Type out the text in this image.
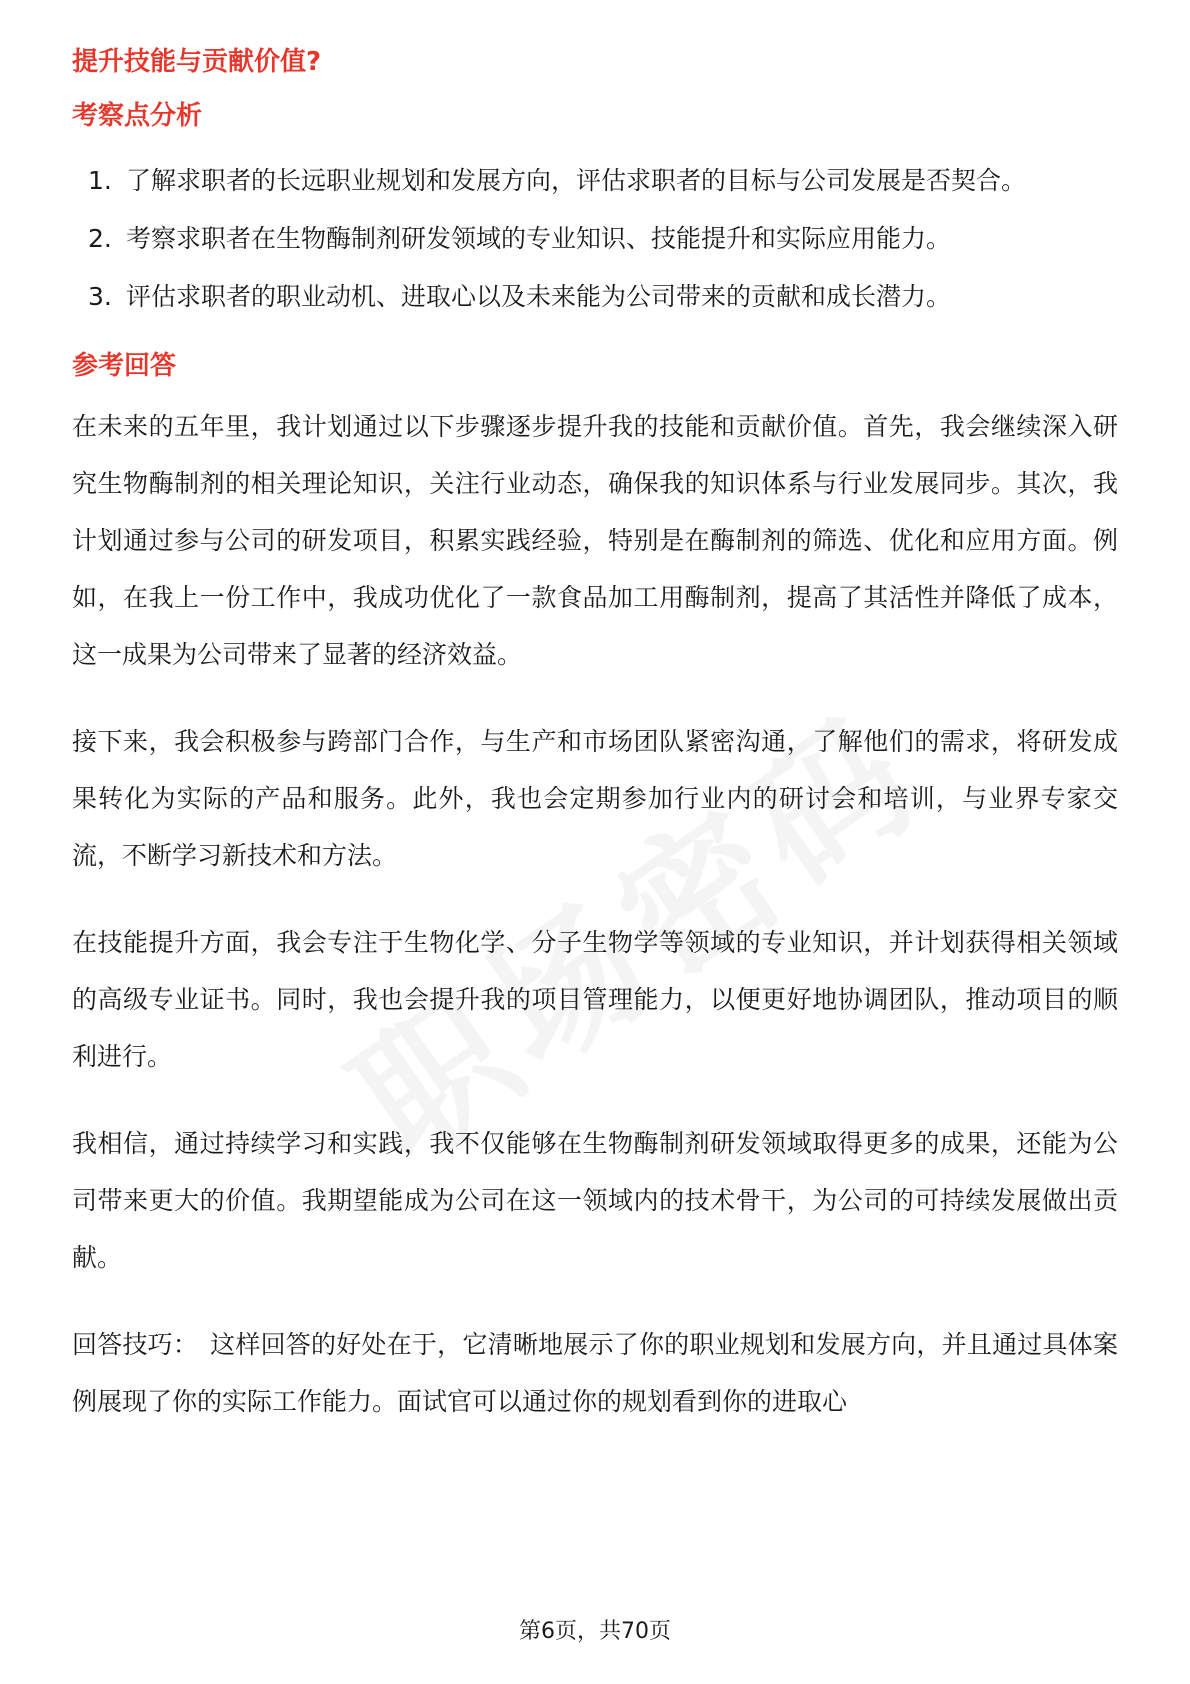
提升技能与贡献价值?
考察点分析
1. 了解求职者的长远职业规划和发展方向，评估求职者的目标与公司发展是否契合。
2. 考察求职者在生物酶制剂研发领域的专业知识、技能提升和实际应用能力。
3. 评估求职者的职业动机、进取心以及未来能为公司带来的贡献和成长潜力。
参考回答

在未来的五年里，我计划通过以下步骤逐步提升我的技能和贡献价值。首先，我会继续深入研究生物酶制剂的相关理论知识，关注行业动态，确保我的知识体系与行业发展同步。其次，我计划通过参与公司的研发项目，积累实践经验，特别是在酶制剂的筛选、优化和应用方面。例如，在我上一份工作中，我成功优化了一款食品加工用酶制剂，提高了其活性并降低了成本，这一成果为公司带来了显著的经济效益。

接下来，我会积极参与跨部门合作，与生产和市场团队紧密沟通，了解他们的需求，将研发成果转化为实际的产品和服务。此外，我也会定期参加行业内的研讨会和培训，与业界专家交流，不断学习新技术和方法。

在技能提升方面，我会专注于生物化学、分子生物学等领域的专业知识，并计划获得相关领域的高级专业证书。同时，我也会提升我的项目管理能力，以便更好地协调团队，推动项目的顺利进行。

我相信，通过持续学习和实践，我不仅能够在生物酶制剂研发领域取得更多的成果，还能为公司带来更大的价值。我期望能成为公司在这一领域内的技术骨干，为公司的可持续发展做出贡献。

回答技巧： 这样回答的好处在于，它清晰地展示了你的职业规划和发展方向，并且通过具体案例展现了你的实际工作能力。面试官可以通过你的规划看到你的进取心

第6页，共70页
